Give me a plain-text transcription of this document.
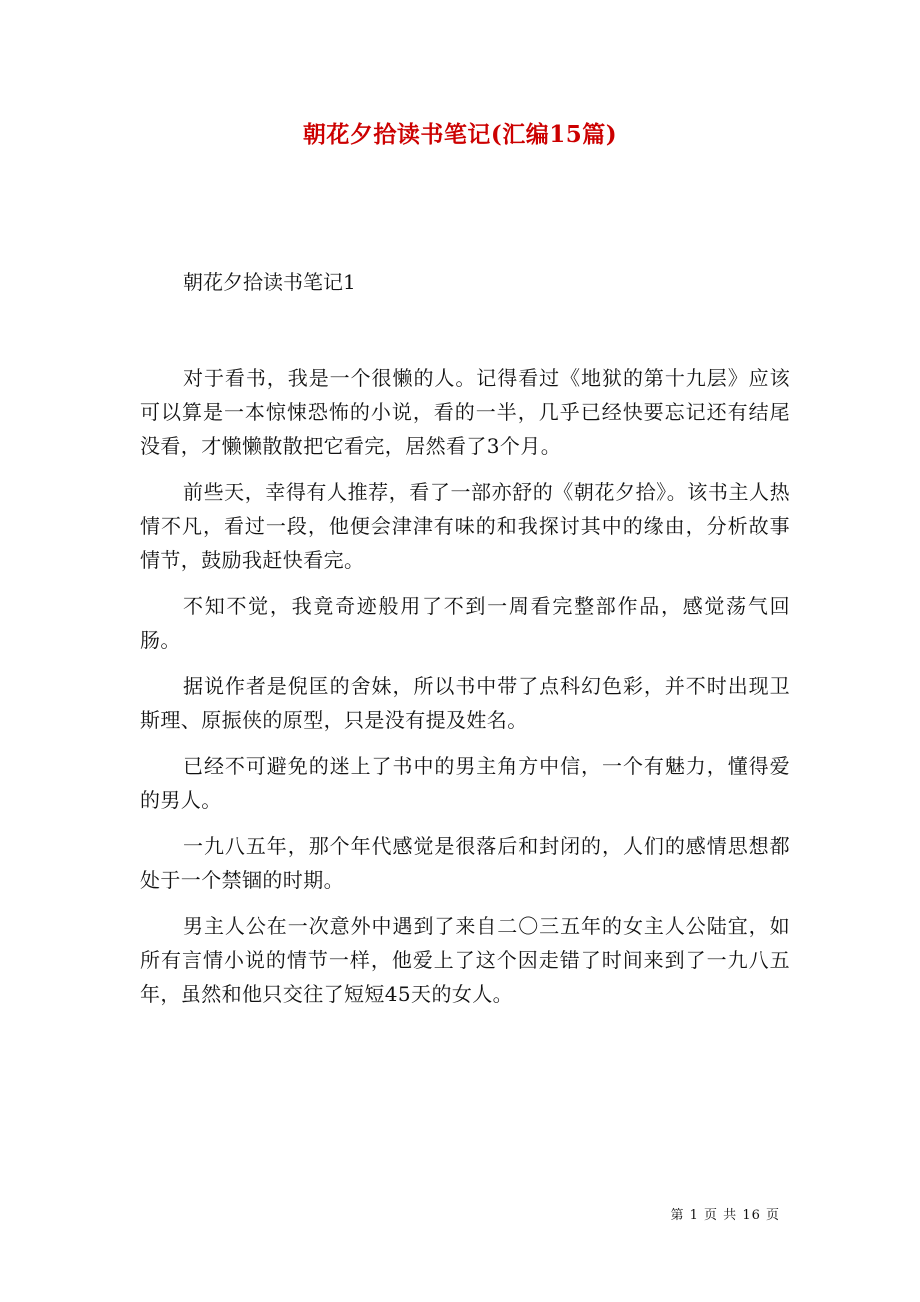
朝花夕拾读书笔记(汇编15篇)
朝花夕拾读书笔记1

对于看书，我是一个很懒的人。记得看过《地狱的第十九层》应该可以算是一本惊悚恐怖的小说，看的一半，几乎已经快要忘记还有结尾没看，才懒懒散散把它看完，居然看了3个月。

前些天，幸得有人推荐，看了一部亦舒的《朝花夕拾》。该书主人热情不凡，看过一段，他便会津津有味的和我探讨其中的缘由，分析故事情节，鼓励我赶快看完。

不知不觉，我竟奇迹般用了不到一周看完整部作品，感觉荡气回肠。

据说作者是倪匡的舍妹，所以书中带了点科幻色彩，并不时出现卫斯理、原振侠的原型，只是没有提及姓名。

已经不可避免的迷上了书中的男主角方中信，一个有魅力，懂得爱的男人。

一九八五年，那个年代感觉是很落后和封闭的，人们的感情思想都处于一个禁锢的时期。

男主人公在一次意外中遇到了来自二〇三五年的女主人公陆宜，如所有言情小说的情节一样，他爱上了这个因走错了时间来到了一九八五年，虽然和他只交往了短短45天的女人。

第 1 页 共 16 页
